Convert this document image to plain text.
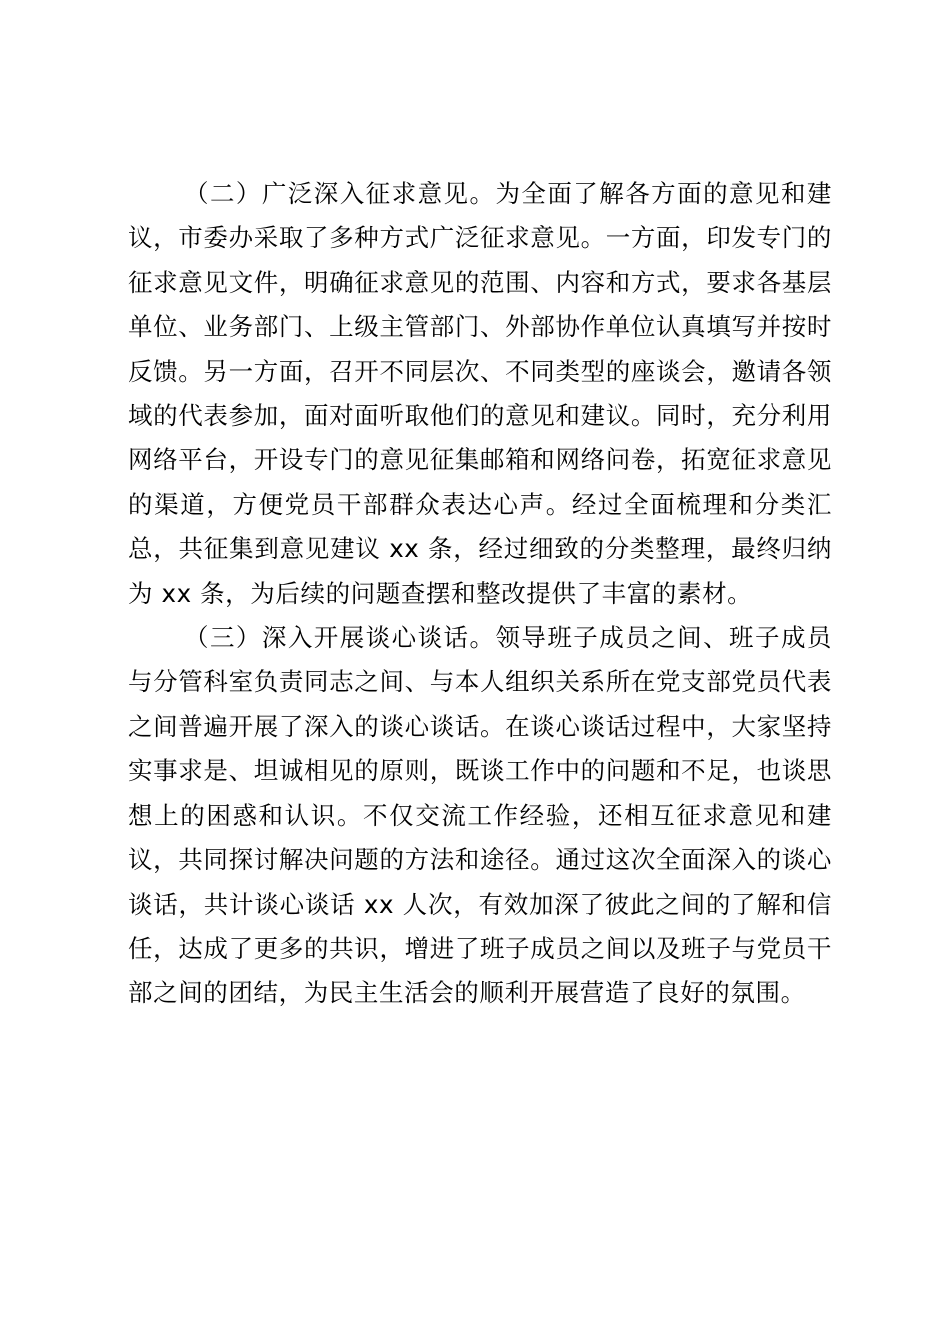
（二）广泛深入征求意见。为全面了解各方面的意见和建议，市委办采取了多种方式广泛征求意见。一方面，印发专门的征求意见文件，明确征求意见的范围、内容和方式，要求各基层单位、业务部门、上级主管部门、外部协作单位认真填写并按时反馈。另一方面，召开不同层次、不同类型的座谈会，邀请各领域的代表参加，面对面听取他们的意见和建议。同时，充分利用网络平台，开设专门的意见征集邮箱和网络问卷，拓宽征求意见的渠道，方便党员干部群众表达心声。经过全面梳理和分类汇总，共征集到意见建议 xx 条，经过细致的分类整理，最终归纳为 xx 条，为后续的问题查摆和整改提供了丰富的素材。

（三）深入开展谈心谈话。领导班子成员之间、班子成员与分管科室负责同志之间、与本人组织关系所在党支部党员代表之间普遍开展了深入的谈心谈话。在谈心谈话过程中，大家坚持实事求是、坦诚相见的原则，既谈工作中的问题和不足，也谈思想上的困惑和认识。不仅交流工作经验，还相互征求意见和建议，共同探讨解决问题的方法和途径。通过这次全面深入的谈心谈话，共计谈心谈话 xx 人次，有效加深了彼此之间的了解和信任，达成了更多的共识，增进了班子成员之间以及班子与党员干部之间的团结，为民主生活会的顺利开展营造了良好的氛围。
